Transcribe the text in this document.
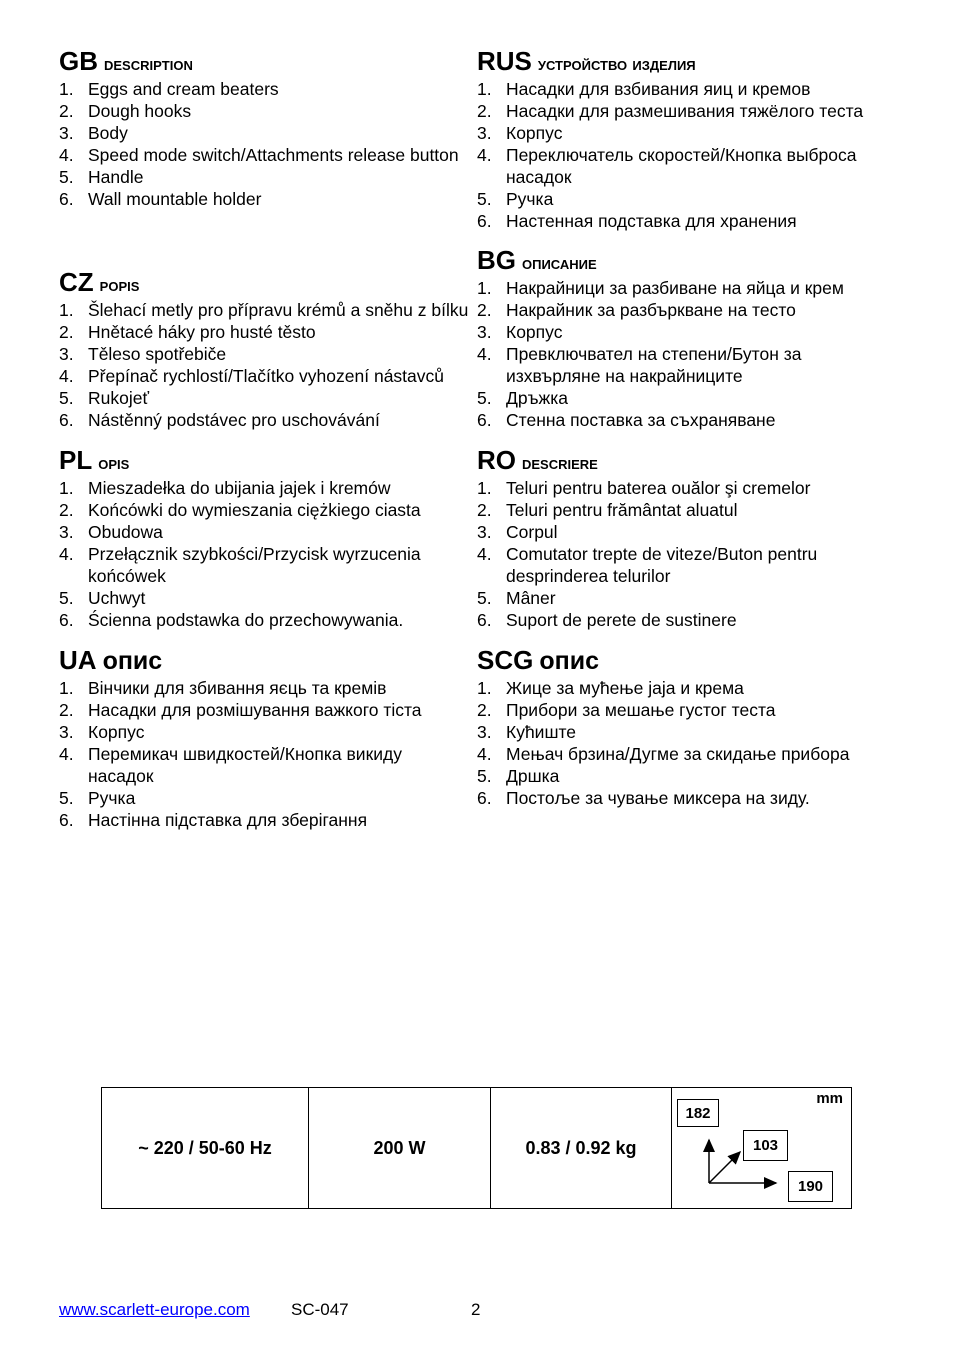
GB description
1. Eggs and cream beaters
2. Dough hooks
3. Body
4. Speed mode switch/Attachments release button
5. Handle
6. Wall mountable holder
CZ popis
1. Šlehací metly pro přípravu krémů a sněhu z bílku
2. Hnětacé háky pro husté těsto
3. Těleso spotřebiče
4. Přepínač rychlostí/Tlačítko vyhození nástavců
5. Rukojeť
6. Nástěnný podstávec pro uschovávání
PL opis
1. Mieszadełka do ubijania jajek i kremów
2. Końcówki do wymieszania ciężkiego ciasta
3. Obudowa
4. Przełącznik szybkości/Przycisk wyrzucenia końcówek
5. Uchwyt
6. Ścienna podstawka do przechowywania.
UA опис
1. Вінчики для збивання яєць та кремів
2. Насадки для розмішування важкого тіста
3. Корпус
4. Перемикач швидкостей/Кнопка викиду насадок
5. Ручка
6. Настінна підставка для зберігання
RUS устройство изделия
1. Насадки для взбивания яиц и кремов
2. Насадки для размешивания тяжёлого теста
3. Корпус
4. Переключатель скоростей/Кнопка выброса насадок
5. Ручка
6. Настенная подставка для хранения
BG описание
1. Накрайници за разбиване на яйца и крем
2. Накрайник за разбъркване на тесто
3. Корпус
4. Превключвател на степени/Бутон за изхвърляне на накрайниците
5. Дръжка
6. Стенна поставка за съхраняване
RO descriere
1. Teluri pentru baterea ouălor şi cremelor
2. Teluri pentru frământat aluatul
3. Corpul
4. Comutator trepte de viteze/Buton pentru desprinderea telurilor
5. Mâner
6. Suport de perete de sustinere
SCG опис
1. Жице за мућење јаја и крема
2. Прибори за мешање густог теста
3. Кућиште
4. Мењач брзина/Дугме за скидање прибора
5. Дршка
6. Постоље за чување миксера на зиду.
~ 220 / 50-60 Hz	200 W	0.83 / 0.92 kg
mm
182
103
190
www.scarlett-europe.com SC-047	2
